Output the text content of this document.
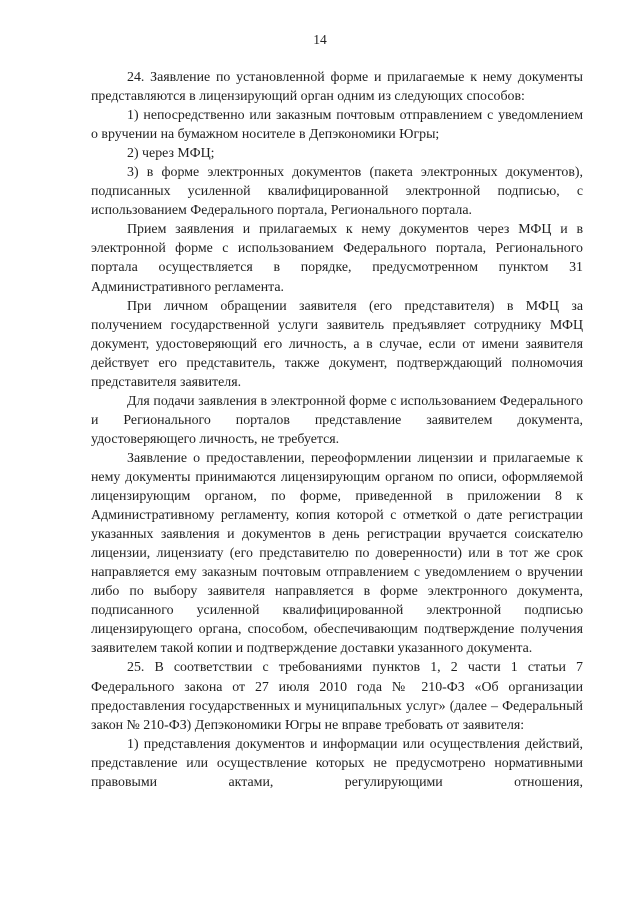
14

24. Заявление по установленной форме и прилагаемые к нему документы представляются в лицензирующий орган одним из следующих способов:

1) непосредственно или заказным почтовым отправлением с уведомлением о вручении на бумажном носителе в Депэкономики Югры;

2) через МФЦ;

3) в форме электронных документов (пакета электронных документов), подписанных усиленной квалифицированной электронной подписью, с использованием Федерального портала, Регионального портала.

Прием заявления и прилагаемых к нему документов через МФЦ и в электронной форме с использованием Федерального портала, Регионального портала осуществляется в порядке, предусмотренном пунктом 31 Административного регламента.

При личном обращении заявителя (его представителя) в МФЦ за получением государственной услуги заявитель предъявляет сотруднику МФЦ документ, удостоверяющий его личность, а в случае, если от имени заявителя действует его представитель, также документ, подтверждающий полномочия представителя заявителя.

Для подачи заявления в электронной форме с использованием Федерального и Регионального порталов представление заявителем документа, удостоверяющего личность, не требуется.

Заявление о предоставлении, переоформлении лицензии и прилагаемые к нему документы принимаются лицензирующим органом по описи, оформляемой лицензирующим органом, по форме, приведенной в приложении 8 к Административному регламенту, копия которой с отметкой о дате регистрации указанных заявления и документов в день регистрации вручается соискателю лицензии, лицензиату (его представителю по доверенности) или в тот же срок направляется ему заказным почтовым отправлением с уведомлением о вручении либо по выбору заявителя направляется в форме электронного документа, подписанного усиленной квалифицированной электронной подписью лицензирующего органа, способом, обеспечивающим подтверждение получения заявителем такой копии и подтверждение доставки указанного документа.

25. В соответствии с требованиями пунктов 1, 2 части 1 статьи 7 Федерального закона от 27 июля 2010 года № 210-ФЗ «Об организации предоставления государственных и муниципальных услуг» (далее – Федеральный закон № 210-ФЗ) Депэкономики Югры не вправе требовать от заявителя:

1) представления документов и информации или осуществления действий, представление или осуществление которых не предусмотрено нормативными правовыми актами, регулирующими отношения,
